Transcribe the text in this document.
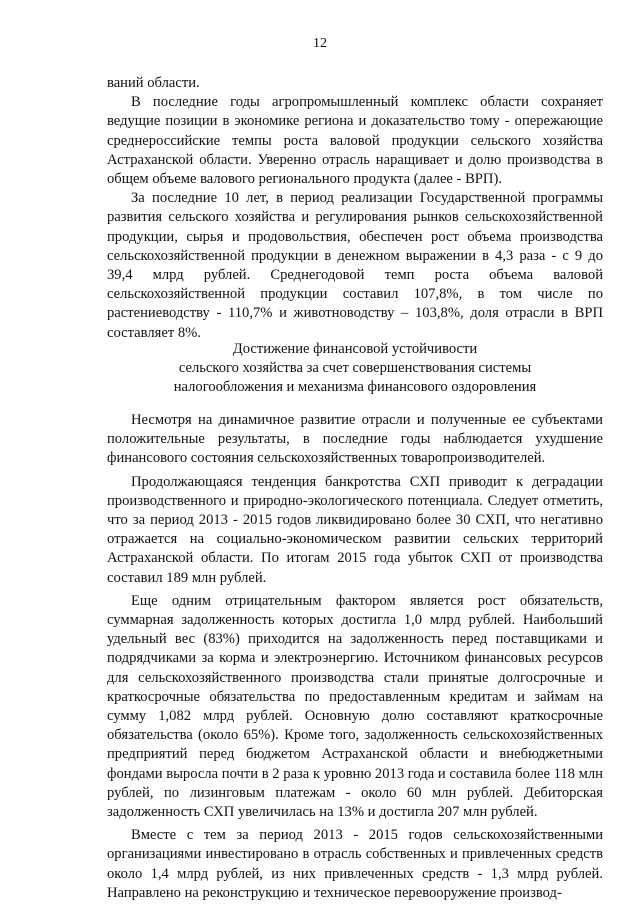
12

ваний области.

В последние годы агропромышленный комплекс области сохраняет ведущие позиции в экономике региона и доказательство тому - опережающие среднероссийские темпы роста валовой продукции сельского хозяйства Астраханской области. Уверенно отрасль наращивает и долю производства в общем объеме валового регионального продукта (далее - ВРП).

За последние 10 лет, в период реализации Государственной программы развития сельского хозяйства и регулирования рынков сельскохозяйственной продукции, сырья и продовольствия, обеспечен рост объема производства сельскохозяйственной продукции в денежном выражении в 4,3 раза - с 9 до 39,4 млрд рублей. Среднегодовой темп роста объема валовой сельскохозяйственной продукции составил 107,8%, в том числе по растениеводству - 110,7% и животноводству – 103,8%, доля отрасли в ВРП составляет 8%.

Достижение финансовой устойчивости
сельского хозяйства за счет совершенствования системы
налогообложения и механизма финансового оздоровления

Несмотря на динамичное развитие отрасли и полученные ее субъектами положительные результаты, в последние годы наблюдается ухудшение финансового состояния сельскохозяйственных товаропроизводителей.

Продолжающаяся тенденция банкротства СХП приводит к деградации производственного и природно-экологического потенциала. Следует отметить, что за период 2013 - 2015 годов ликвидировано более 30 СХП, что негативно отражается на социально-экономическом развитии сельских территорий Астраханской области. По итогам 2015 года убыток СХП от производства составил 189 млн рублей.

Еще одним отрицательным фактором является рост обязательств, суммарная задолженность которых достигла 1,0 млрд рублей. Наибольший удельный вес (83%) приходится на задолженность перед поставщиками и подрядчиками за корма и электроэнергию. Источником финансовых ресурсов для сельскохозяйственного производства стали принятые долгосрочные и краткосрочные обязательства по предоставленным кредитам и займам на сумму 1,082 млрд рублей. Основную долю составляют краткосрочные обязательства (около 65%). Кроме того, задолженность сельскохозяйственных предприятий перед бюджетом Астраханской области и внебюджетными фондами выросла почти в 2 раза к уровню 2013 года и составила более 118 млн рублей, по лизинговым платежам - около 60 млн рублей. Дебиторская задолженность СХП увеличилась на 13% и достигла 207 млн рублей.

Вместе с тем за период 2013 - 2015 годов сельскохозяйственными организациями инвестировано в отрасль собственных и привлеченных средств около 1,4 млрд рублей, из них привлеченных средств - 1,3 млрд рублей. Направлено на реконструкцию и техническое перевооружение производ-
